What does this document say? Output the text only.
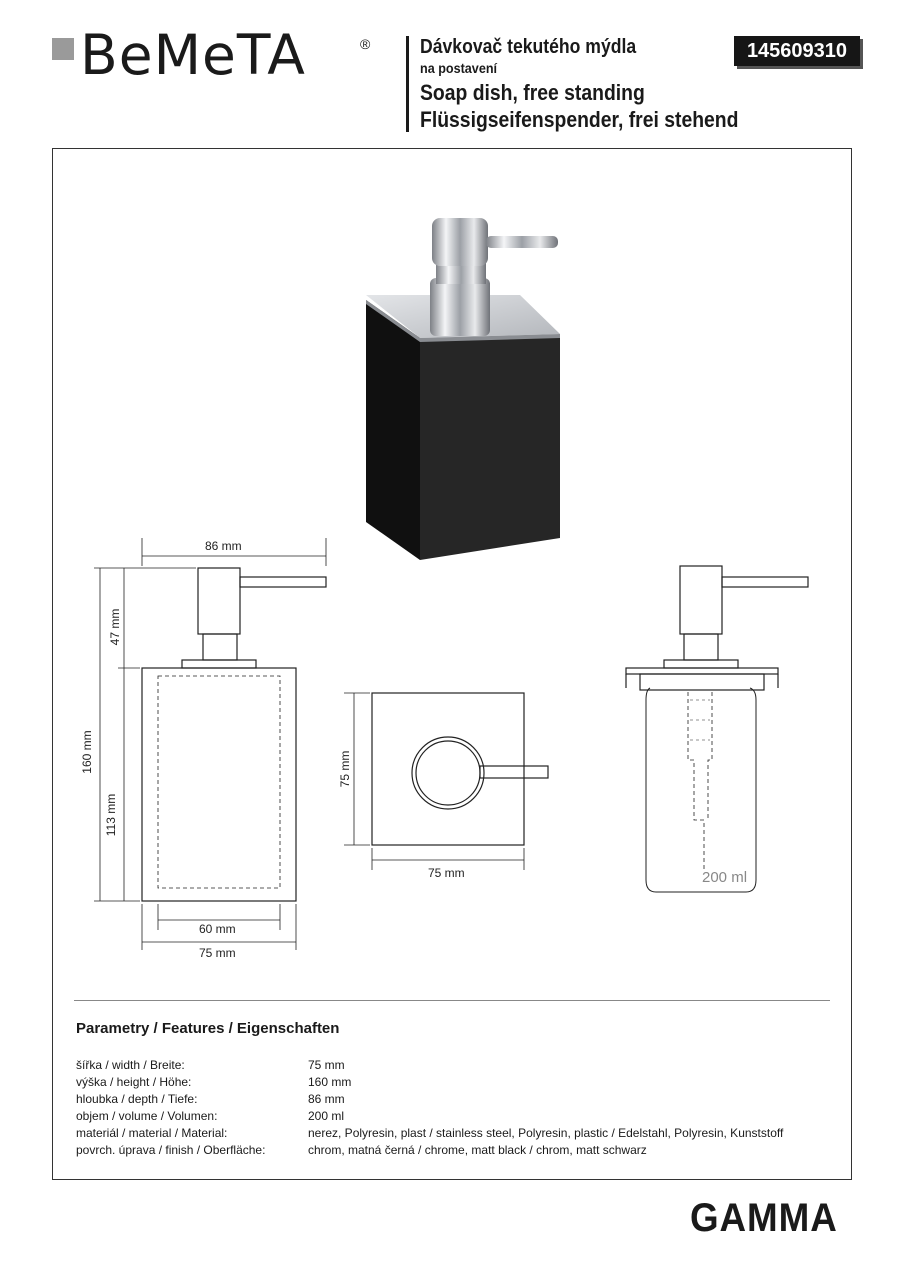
BeMeTA	® Dávkovač tekutého mýdla
na postavení
Soap dish, free standing
Flüssigseifenspender, frei stehend
145609310
86 mm
47 mm
160 mm
113 mm
60 mm
75 mm
75 mm
75 mm	200 ml
Parametry / Features / Eigenschaften
šířka / width / Breite:	75 mm
výška / height / Höhe:	160 mm
hloubka / depth / Tiefe:	86 mm
objem / volume / Volumen:	200 ml
materiál / material / Material:	nerez, Polyresin, plast / stainless steel, Polyresin, plastic / Edelstahl, Polyresin, Kunststoff
povrch. úprava / finish / Oberfläche:	chrom, matná černá / chrome, matt black / chrom, matt schwarz
GAMMA
